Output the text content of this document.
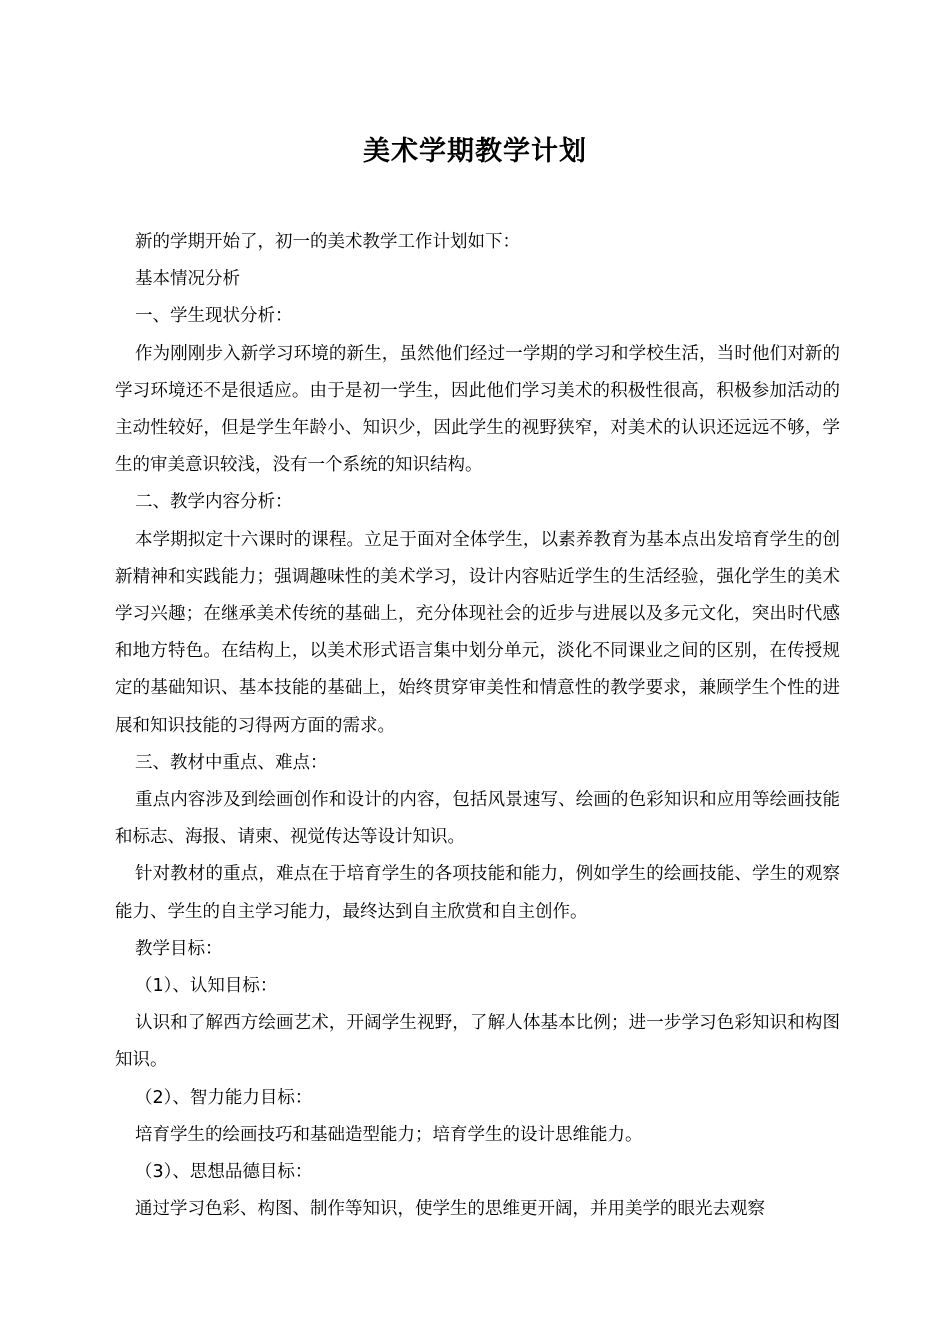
美术学期教学计划

新的学期开始了，初一的美术教学工作计划如下：

基本情况分析

一、学生现状分析：

作为刚刚步入新学习环境的新生，虽然他们经过一学期的学习和学校生活，当时他们对新的学习环境还不是很适应。由于是初一学生，因此他们学习美术的积极性很高，积极参加活动的主动性较好，但是学生年龄小、知识少，因此学生的视野狭窄，对美术的认识还远远不够，学生的审美意识较浅，没有一个系统的知识结构。

二、教学内容分析：

本学期拟定十六课时的课程。立足于面对全体学生，以素养教育为基本点出发培育学生的创新精神和实践能力；强调趣味性的美术学习，设计内容贴近学生的生活经验，强化学生的美术学习兴趣；在继承美术传统的基础上，充分体现社会的近步与进展以及多元文化，突出时代感和地方特色。在结构上，以美术形式语言集中划分单元，淡化不同课业之间的区别，在传授规定的基础知识、基本技能的基础上，始终贯穿审美性和情意性的教学要求，兼顾学生个性的进展和知识技能的习得两方面的需求。

三、教材中重点、难点：

重点内容涉及到绘画创作和设计的内容，包括风景速写、绘画的色彩知识和应用等绘画技能和标志、海报、请柬、视觉传达等设计知识。

针对教材的重点，难点在于培育学生的各项技能和能力，例如学生的绘画技能、学生的观察能力、学生的自主学习能力，最终达到自主欣赏和自主创作。

教学目标：

（1）、认知目标：

认识和了解西方绘画艺术，开阔学生视野，了解人体基本比例；进一步学习色彩知识和构图知识。

（2）、智力能力目标：

培育学生的绘画技巧和基础造型能力；培育学生的设计思维能力。

（3）、思想品德目标：

通过学习色彩、构图、制作等知识，使学生的思维更开阔，并用美学的眼光去观察
